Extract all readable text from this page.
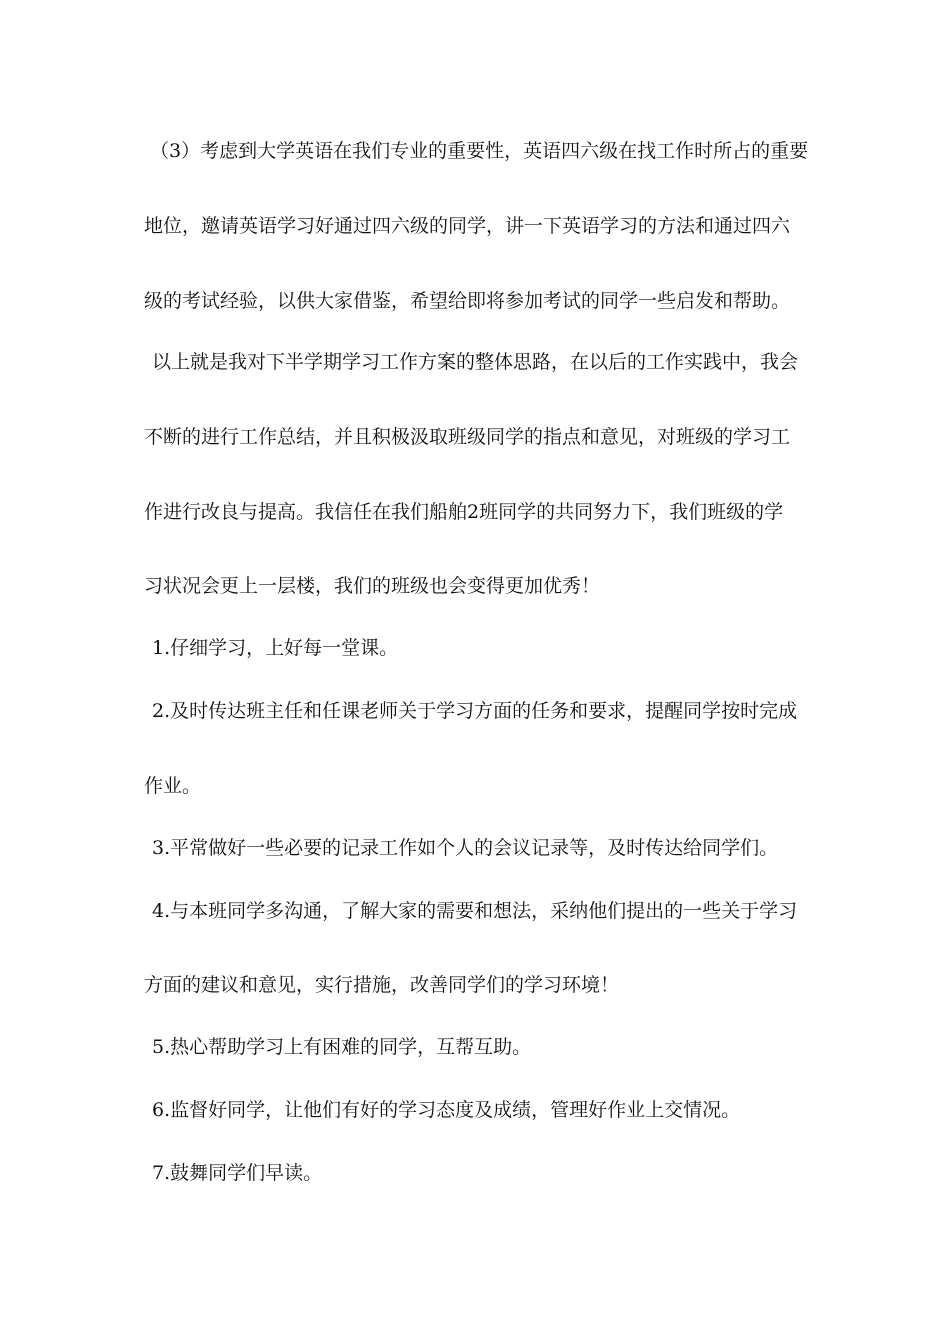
（3）考虑到大学英语在我们专业的重要性，英语四六级在找工作时所占的重要
地位，邀请英语学习好通过四六级的同学，讲一下英语学习的方法和通过四六
级的考试经验，以供大家借鉴，希望给即将参加考试的同学一些启发和帮助。
以上就是我对下半学期学习工作方案的整体思路，在以后的工作实践中，我会
不断的进行工作总结，并且积极汲取班级同学的指点和意见，对班级的学习工
作进行改良与提高。我信任在我们船舶2班同学的共同努力下，我们班级的学
习状况会更上一层楼，我们的班级也会变得更加优秀！
1.仔细学习，上好每一堂课。
2.及时传达班主任和任课老师关于学习方面的任务和要求，提醒同学按时完成
作业。
3.平常做好一些必要的记录工作如个人的会议记录等，及时传达给同学们。
4.与本班同学多沟通，了解大家的需要和想法，采纳他们提出的一些关于学习
方面的建议和意见，实行措施，改善同学们的学习环境！
5.热心帮助学习上有困难的同学，互帮互助。
6.监督好同学，让他们有好的学习态度及成绩，管理好作业上交情况。
7.鼓舞同学们早读。
